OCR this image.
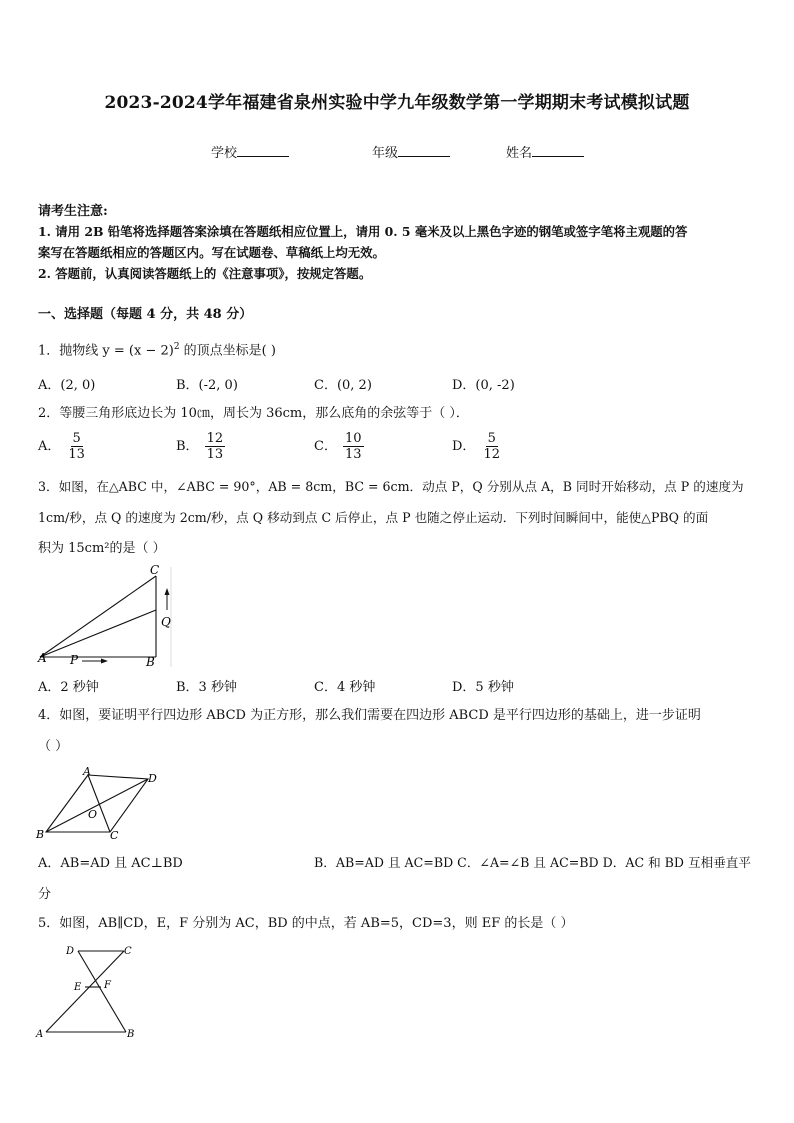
2023-2024学年福建省泉州实验中学九年级数学第一学期期末考试模拟试题
学校	年级	姓名
请考生注意:
1. 请用 2B 铅笔将选择题答案涂填在答题纸相应位置上，请用 0. 5 毫米及以上黑色字迹的钢笔或签字笔将主观题的答
案写在答题纸相应的答题区内。写在试题卷、草稿纸上均无效。
2. 答题前，认真阅读答题纸上的《注意事项》，按规定答题。
一、选择题（每题 4 分，共 48 分）
1．抛物线 $y = (x - 2)^2$ 的顶点坐标是( )
A．(2, 0)	B．(-2, 0)	C．(0, 2)	D．(0, -2)
2．等腰三角形底边长为 10㎝，周长为 36cm，那么底角的余弦等于（ ）．
A． $\frac{5}{13}$	B． $\frac{12}{13}$	C． $\frac{10}{13}$	D． $\frac{5}{12}$
3．如图，在△ABC 中，∠ABC = 90°，AB = 8cm，BC = 6cm．动点 P，Q 分别从点 A，B 同时开始移动，点 P 的速度为
1cm/秒，点 Q 的速度为 2cm/秒，点 Q 移动到点 C 后停止，点 P 也随之停止运动．下列时间瞬间中，能使△PBQ 的面
积为 15cm²的是（ ）
A	B
C
P
Q
A．2 秒钟	B．3 秒钟	C．4 秒钟	D．5 秒钟
4．如图，要证明平行四边形 ABCD 为正方形，那么我们需要在四边形 ABCD 是平行四边形的基础上，进一步证明
（ ）
A
D
B	C
O
A．AB=AD 且 AC⊥BD	B．AB=AD 且 AC=BD C．∠A=∠B 且 AC=BD D．AC 和 BD 互相垂直平
分
5．如图，AB∥CD，E，F 分别为 AC，BD 的中点，若 AB=5，CD=3，则 EF 的长是（ ）
D	C
E F
A	B
